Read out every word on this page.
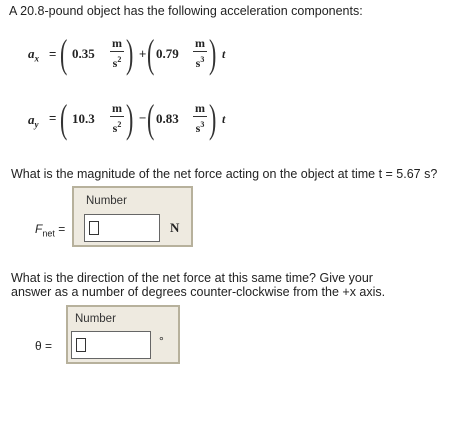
A 20.8-pound object has the following acceleration components:
$a_x$ = ( 0.35
m
$s^2$ ) + ( 0.79
m
$s^3$ ) t
$a_y$ = ( 10.3
m
$s^2$ ) − ( 0.83
m
$s^3$ ) t
What is the magnitude of the net force acting on the object at time t = 5.67 s?
Number
N
$F_{net}$ =
What is the direction of the net force at this same time? Give your
answer as a number of degrees counter-clockwise from the +x axis.
Number
°
θ =
